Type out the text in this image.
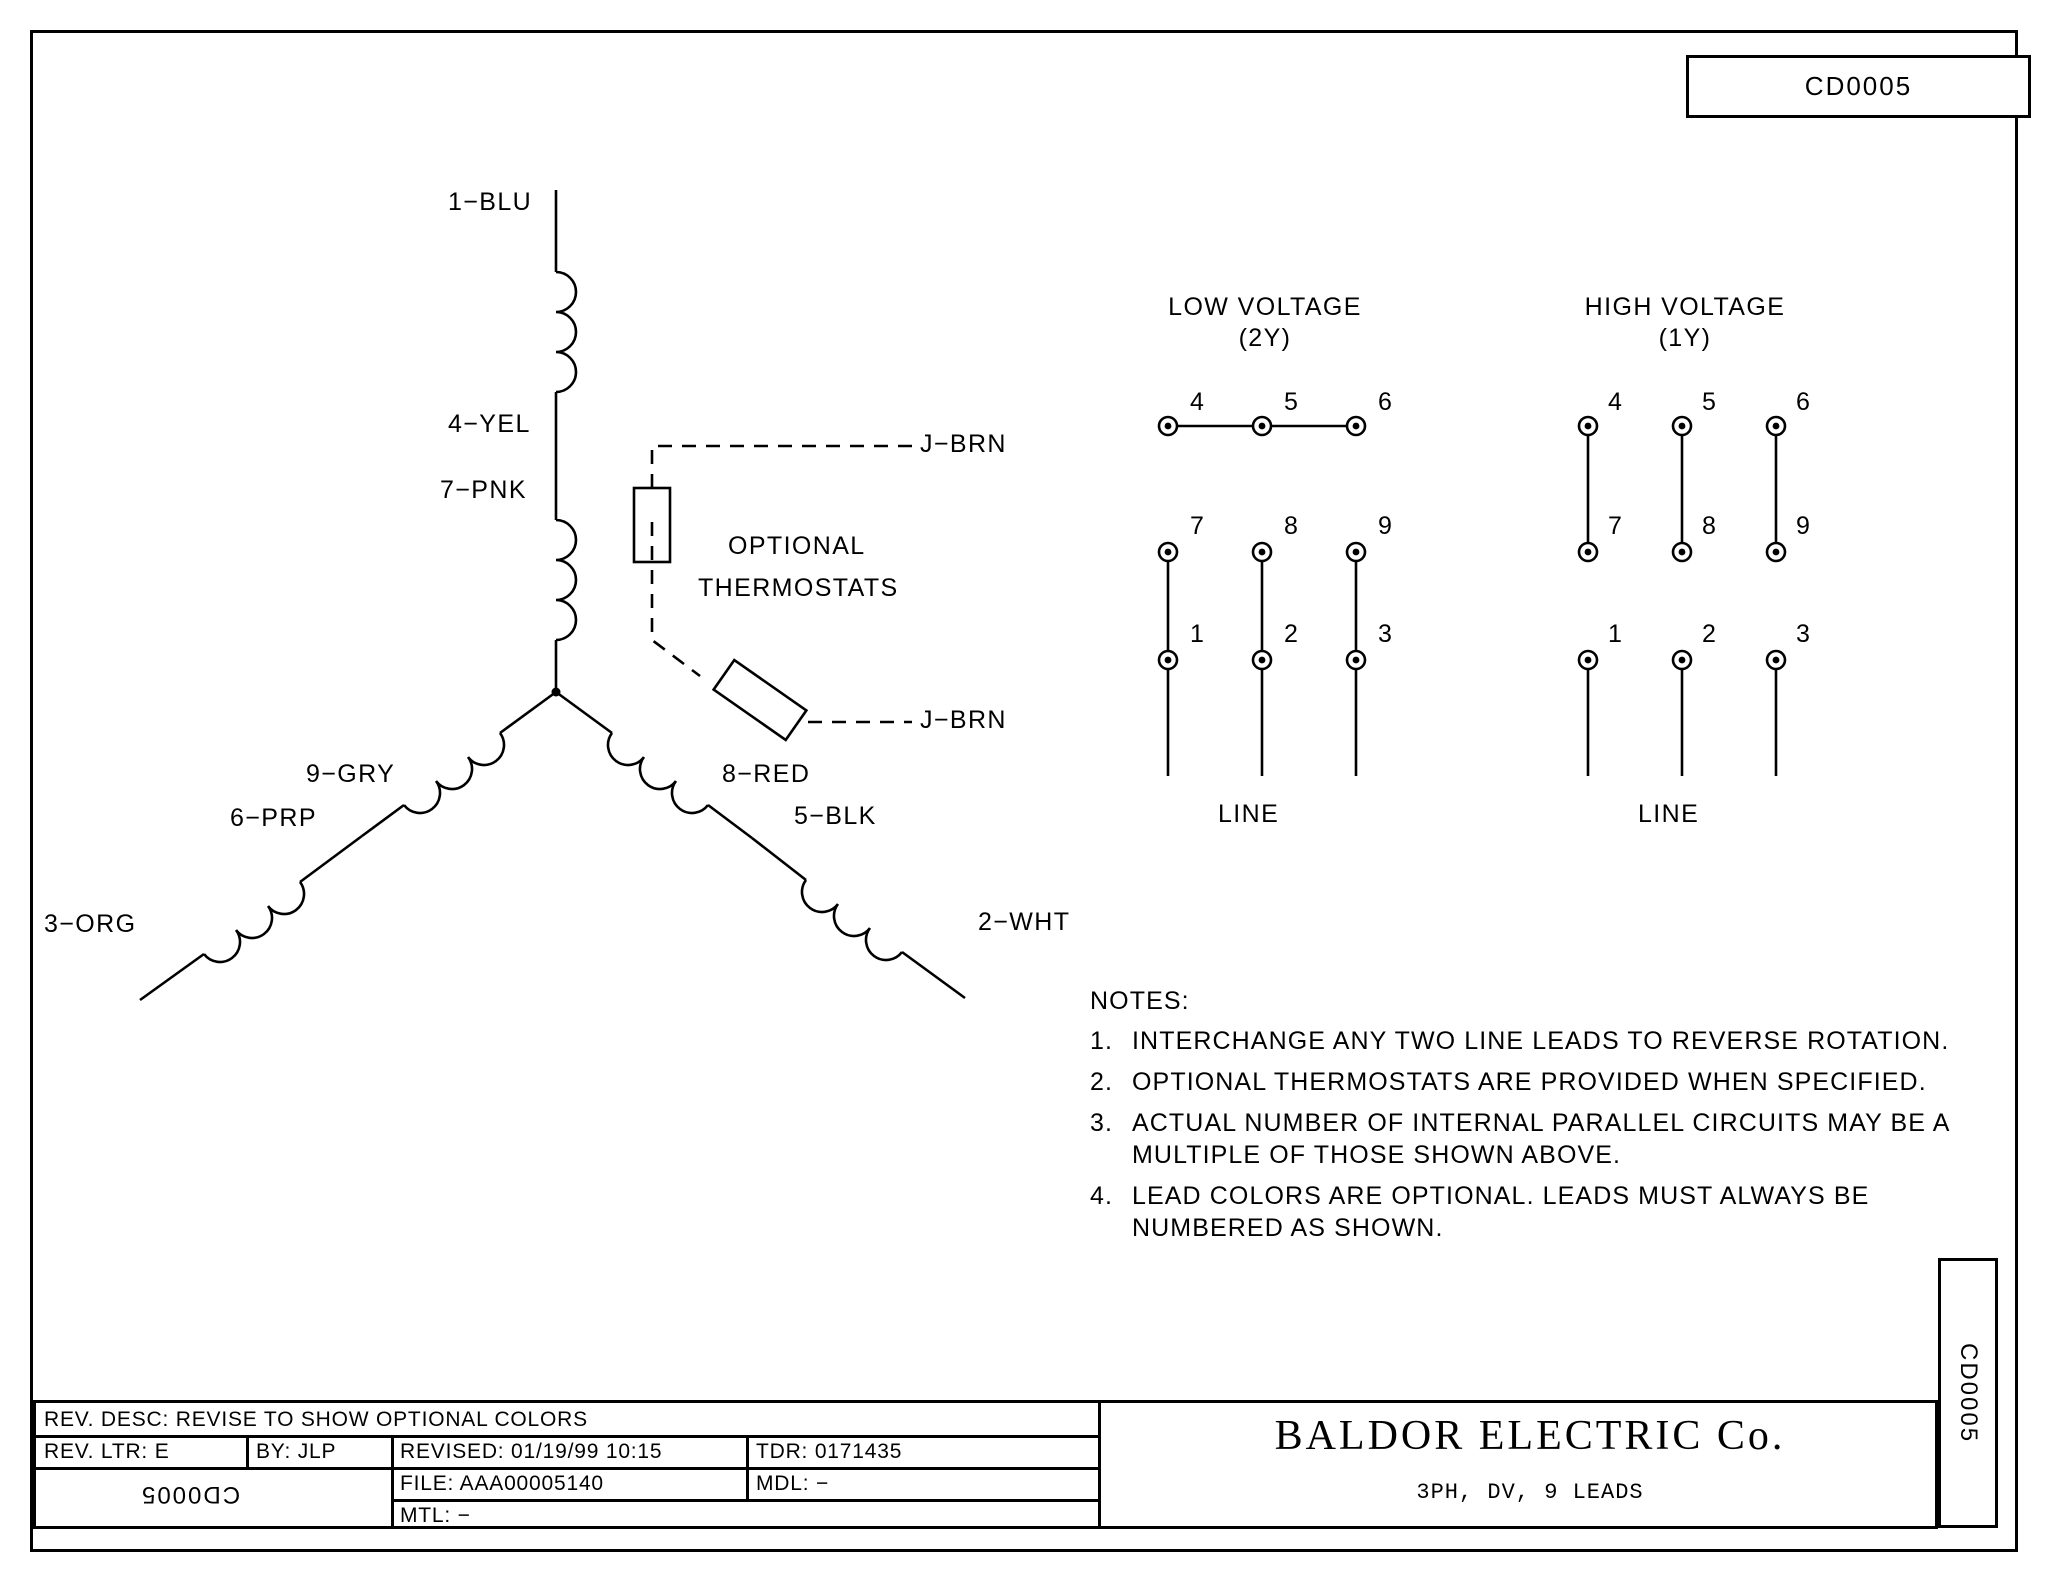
CD0005
CD0005
1−BLU
4−YEL
7−PNK
9−GRY
6−PRP
3−ORG
8−RED
5−BLK
2−WHT
J−BRN
J−BRN
OPTIONAL
THERMOSTATS
LOW VOLTAGE
(2Y)
HIGH VOLTAGE
(1Y)
4	5	6
7	8	9
1	2	3
LINE
4	5	6
7	8	9
1	2	3
LINE
NOTES:
1. INTERCHANGE ANY TWO LINE LEADS TO REVERSE ROTATION.
2. OPTIONAL THERMOSTATS ARE PROVIDED WHEN SPECIFIED.
3. ACTUAL NUMBER OF INTERNAL PARALLEL CIRCUITS MAY BE A MULTIPLE OF THOSE SHOWN ABOVE.
4. LEAD COLORS ARE OPTIONAL. LEADS MUST ALWAYS BE NUMBERED AS SHOWN.
REV. DESC: REVISE TO SHOW OPTIONAL COLORS
REV. LTR: E	BY: JLP	REVISED: 01/19/99 10:15	TDR: 0171435
FILE: AAA00005140	MDL: −
MTL: −
CD0005
BALDOR ELECTRIC Co.
3PH, DV, 9 LEADS
